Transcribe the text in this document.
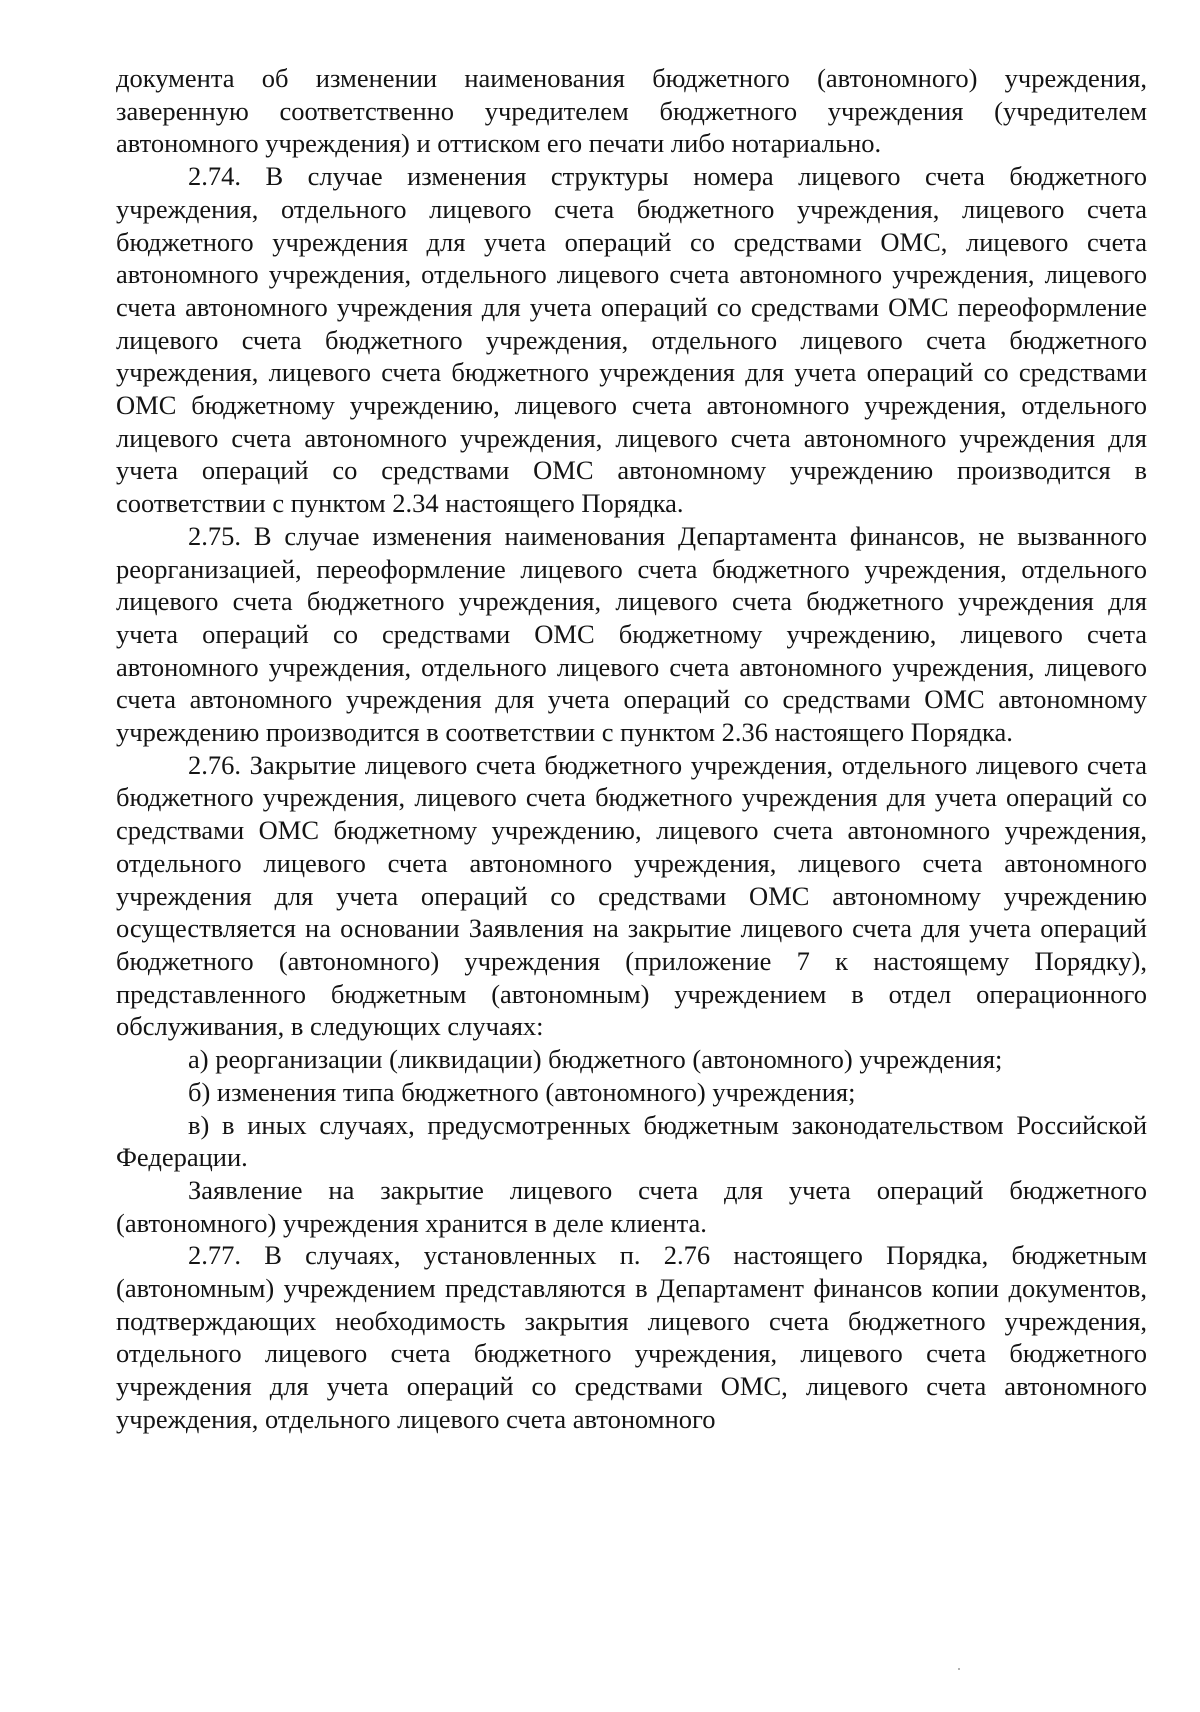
документа об изменении наименования бюджетного (автономного) учреждения, заверенную соответственно учредителем бюджетного учреждения (учредителем автономного учреждения) и оттиском его печати либо нотариально.

2.74. В случае изменения структуры номера лицевого счета бюджетного учреждения, отдельного лицевого счета бюджетного учреждения, лицевого счета бюджетного учреждения для учета операций со средствами ОМС, лицевого счета автономного учреждения, отдельного лицевого счета автономного учреждения, лицевого счета автономного учреждения для учета операций со средствами ОМС переоформление лицевого счета бюджетного учреждения, отдельного лицевого счета бюджетного учреждения, лицевого счета бюджетного учреждения для учета операций со средствами ОМС бюджетному учреждению, лицевого счета автономного учреждения, отдельного лицевого счета автономного учреждения, лицевого счета автономного учреждения для учета операций со средствами ОМС автономному учреждению производится в соответствии с пунктом 2.34 настоящего Порядка.

2.75. В случае изменения наименования Департамента финансов, не вызванного реорганизацией, переоформление лицевого счета бюджетного учреждения, отдельного лицевого счета бюджетного учреждения, лицевого счета бюджетного учреждения для учета операций со средствами ОМС бюджетному учреждению, лицевого счета автономного учреждения, отдельного лицевого счета автономного учреждения, лицевого счета автономного учреждения для учета операций со средствами ОМС автономному учреждению производится в соответствии с пунктом 2.36 настоящего Порядка.

2.76. Закрытие лицевого счета бюджетного учреждения, отдельного лицевого счета бюджетного учреждения, лицевого счета бюджетного учреждения для учета операций со средствами ОМС бюджетному учреждению, лицевого счета автономного учреждения, отдельного лицевого счета автономного учреждения, лицевого счета автономного учреждения для учета операций со средствами ОМС автономному учреждению осуществляется на основании Заявления на закрытие лицевого счета для учета операций бюджетного (автономного) учреждения (приложение 7 к настоящему Порядку), представленного бюджетным (автономным) учреждением в отдел операционного обслуживания, в следующих случаях:

а) реорганизации (ликвидации) бюджетного (автономного) учреждения;

б) изменения типа бюджетного (автономного) учреждения;

в) в иных случаях, предусмотренных бюджетным законодательством Российской Федерации.

Заявление на закрытие лицевого счета для учета операций бюджетного (автономного) учреждения хранится в деле клиента.

2.77. В случаях, установленных п. 2.76 настоящего Порядка, бюджетным (автономным) учреждением представляются в Департамент финансов копии документов, подтверждающих необходимость закрытия лицевого счета бюджетного учреждения, отдельного лицевого счета бюджетного учреждения, лицевого счета бюджетного учреждения для учета операций со средствами ОМС, лицевого счета автономного учреждения, отдельного лицевого счета автономного
